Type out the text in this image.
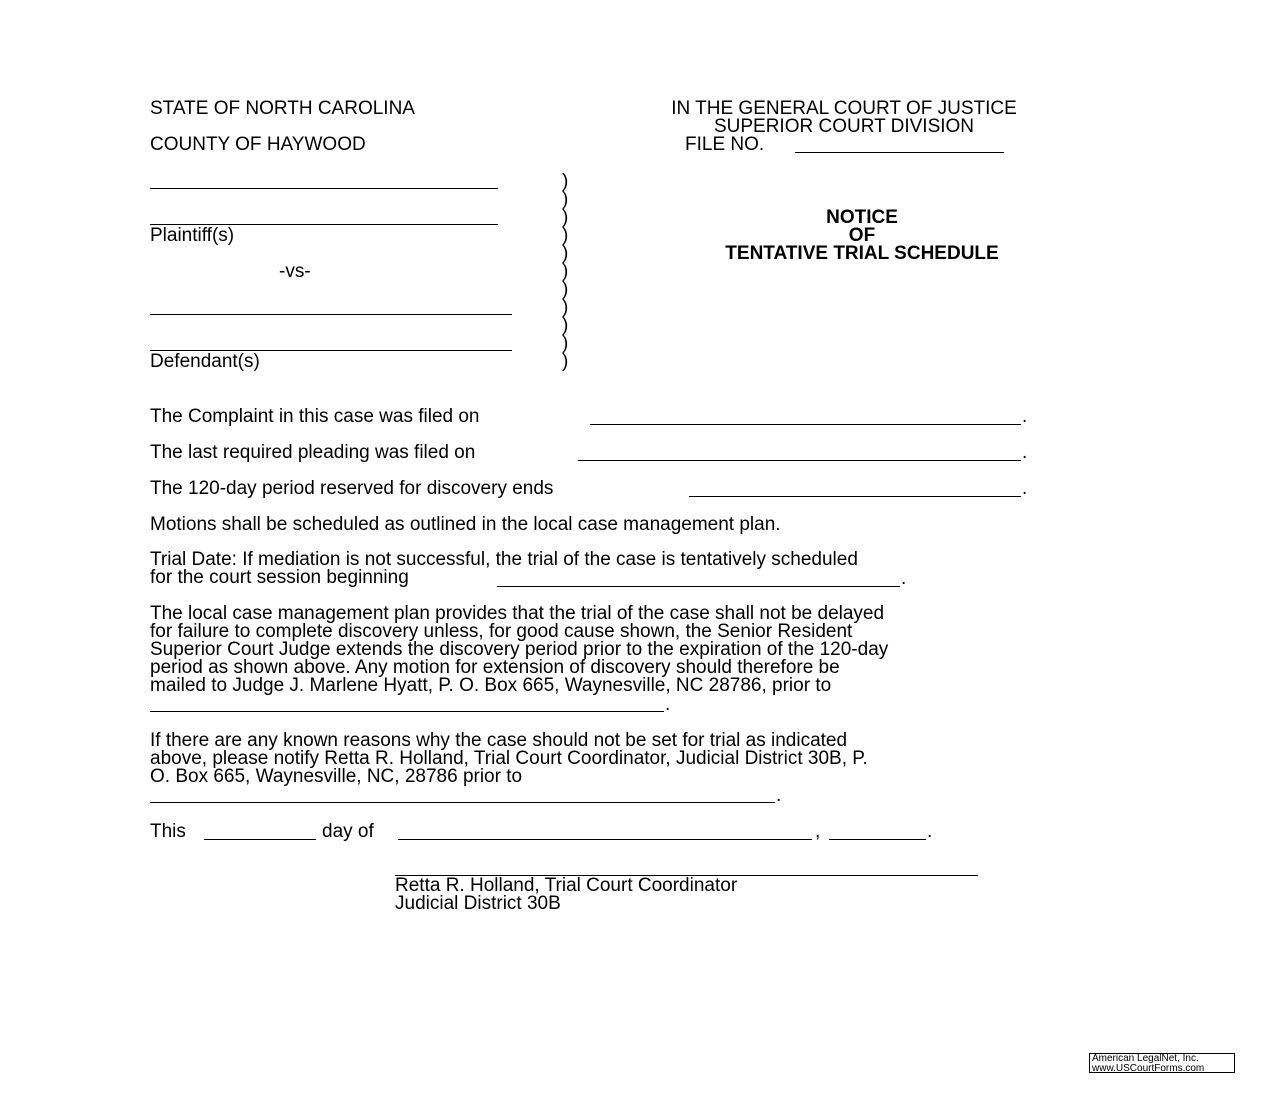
STATE OF NORTH CAROLINA
COUNTY OF HAYWOOD
IN THE GENERAL COURT OF JUSTICE
SUPERIOR COURT DIVISION
FILE NO.
Plaintiff(s)
-vs-
Defendant(s)
)
)
)
)
)
)
)
)
)
)
)
NOTICE
OF
TENTATIVE TRIAL SCHEDULE
The Complaint in this case was filed on	.
The last required pleading was filed on	.
The 120-day period reserved for discovery ends	.
Motions shall be scheduled as outlined in the local case management plan.
Trial Date: If mediation is not successful, the trial of the case is tentatively scheduled
for the court session beginning	.
The local case management plan provides that the trial of the case shall not be delayed
for failure to complete discovery unless, for good cause shown, the Senior Resident
Superior Court Judge extends the discovery period prior to the expiration of the 120-day
period as shown above. Any motion for extension of discovery should therefore be
mailed to Judge J. Marlene Hyatt, P. O. Box 665, Waynesville, NC 28786, prior to
.
If there are any known reasons why the case should not be set for trial as indicated
above, please notify Retta R. Holland, Trial Court Coordinator, Judicial District 30B, P.
O. Box 665, Waynesville, NC, 28786 prior to
.
This	day of	,	.
Retta R. Holland, Trial Court Coordinator
Judicial District 30B
American LegalNet, Inc.
www.USCourtForms.com
